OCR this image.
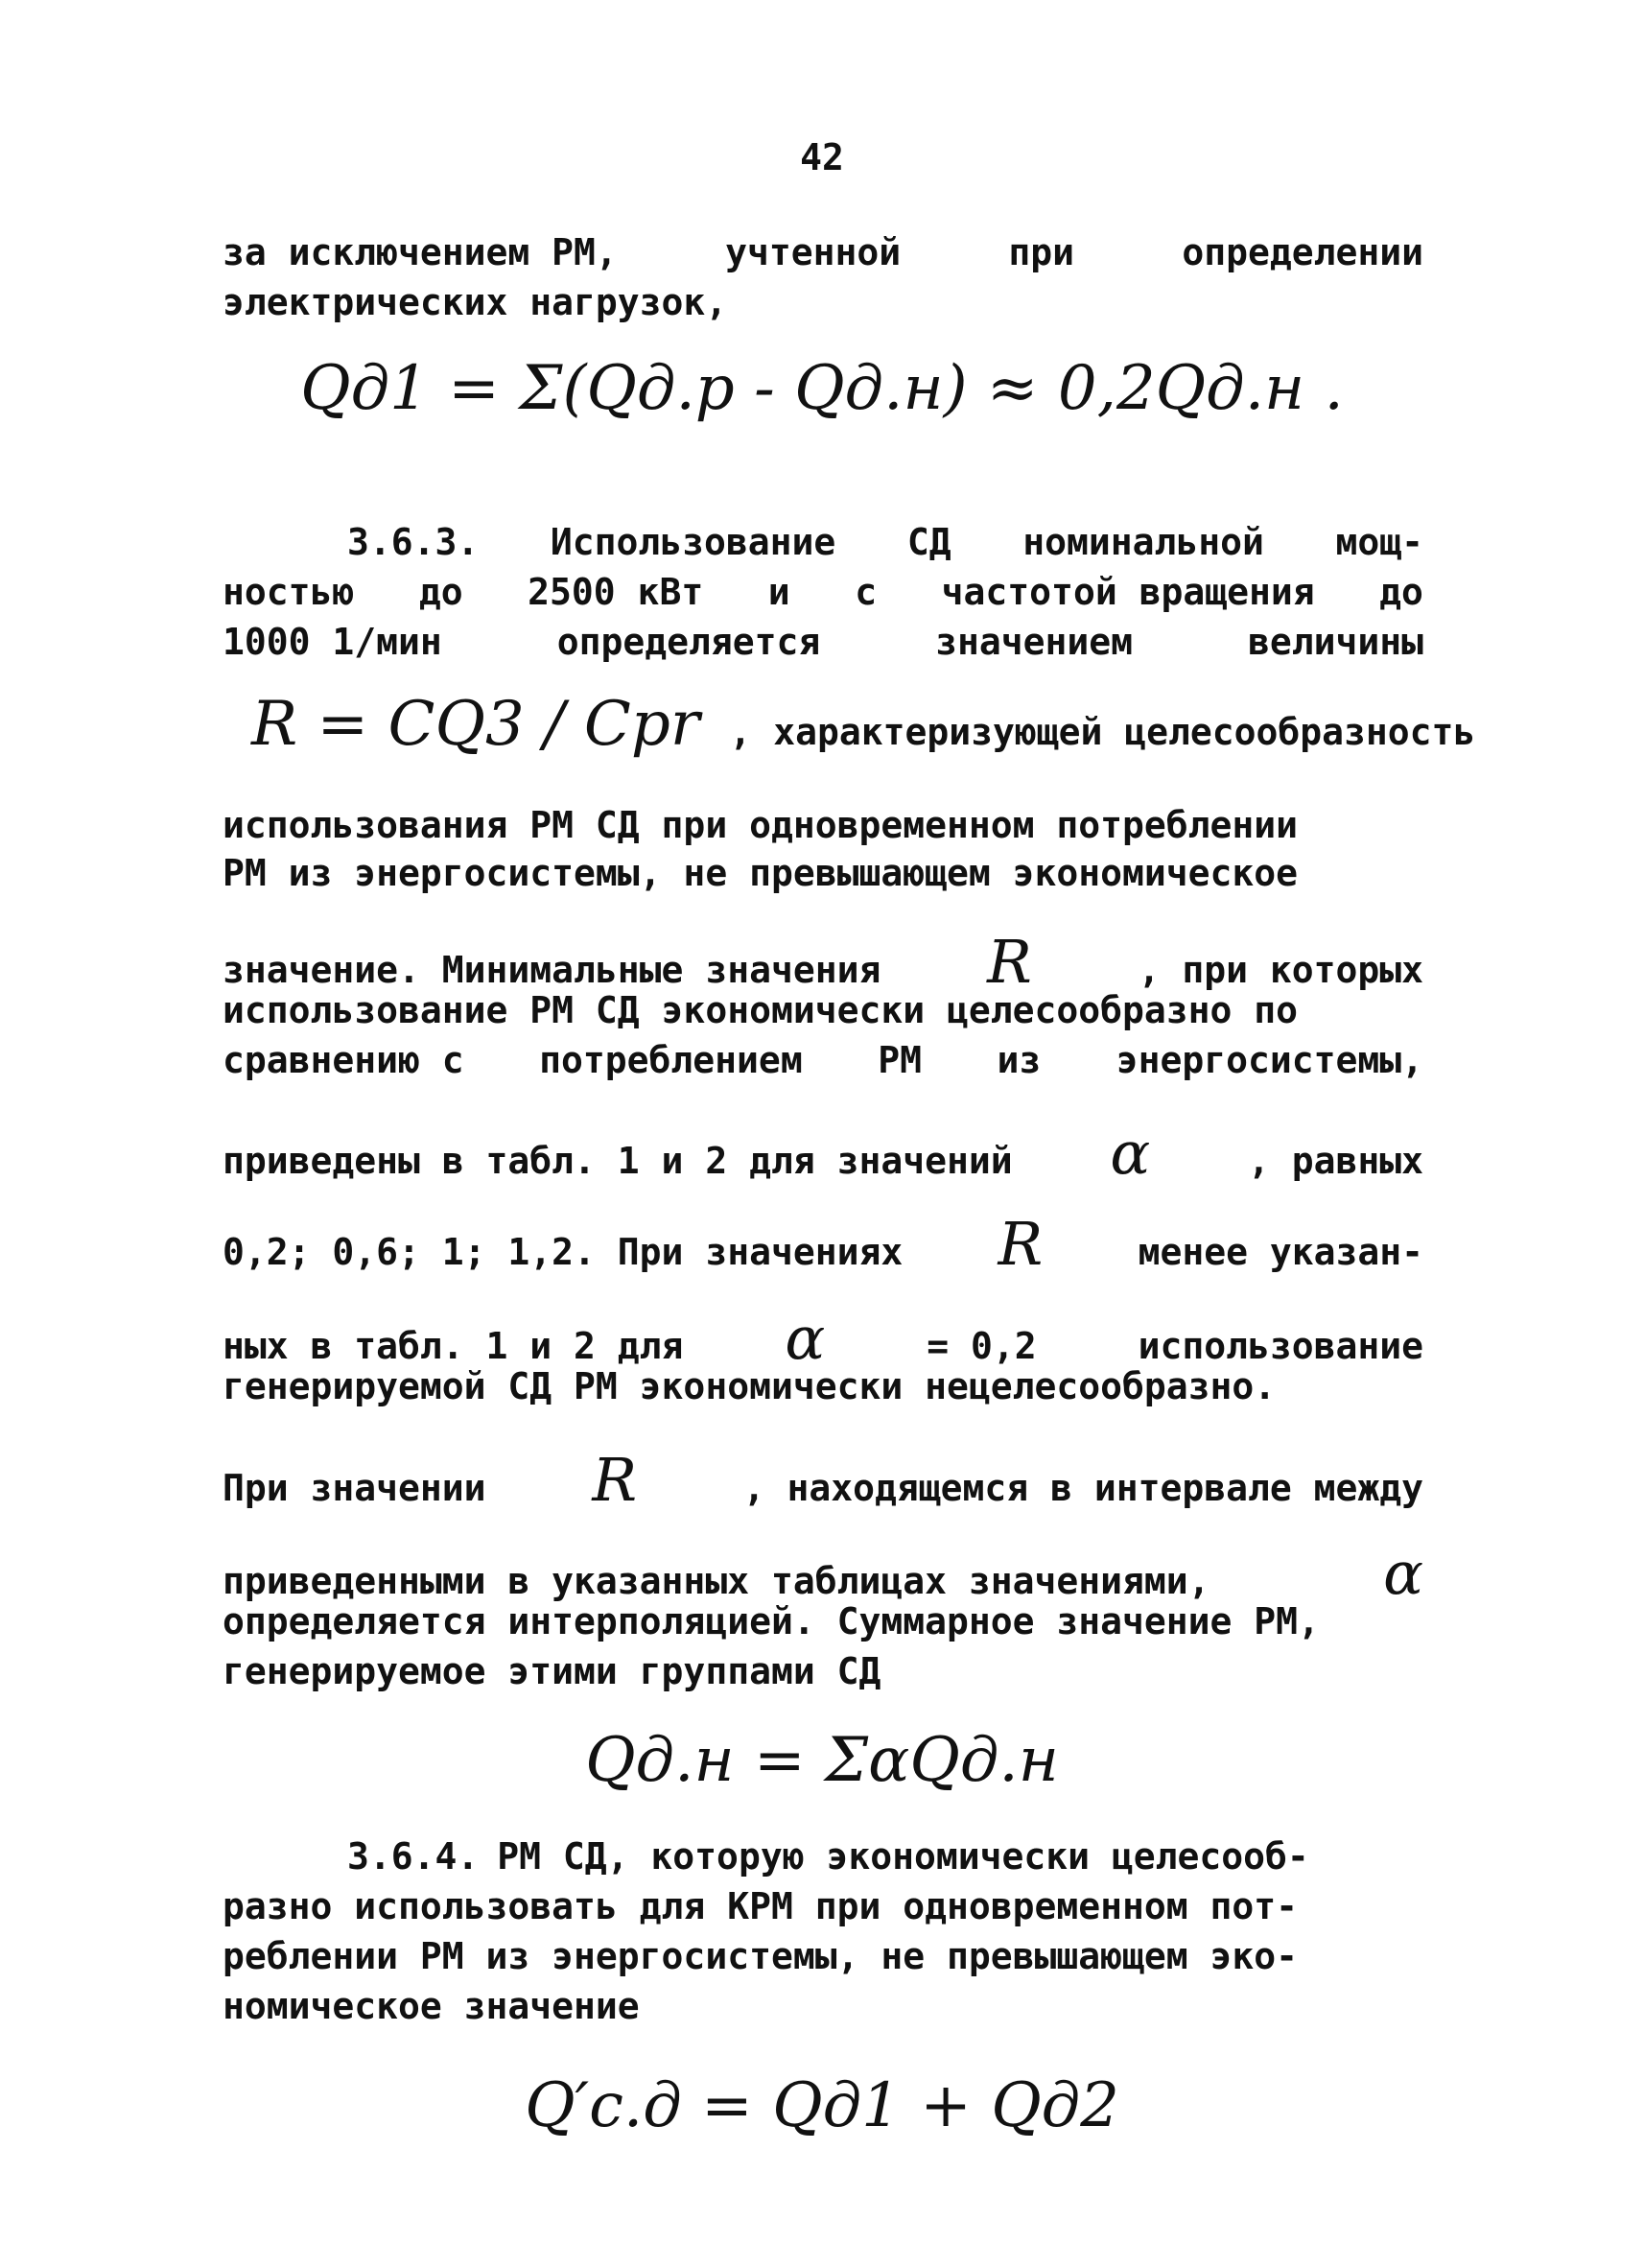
42
за исключением РМ,	учтенной	при	определении
электрических нагрузок,
Qд1 = Σ(Qд.р - Qд.н) ≈ 0,2Qд.н .
3.6.3. Использование СД номинальной мощ-
ностью до 2500 кВт и с частотой вращения до
1000 1/мин	определяется	значением	величины
R = CQ3 / Cpr , характеризующей целесообразность
использования РМ СД при одновременном потреблении
РМ из энергосистемы, не превышающем экономическое
значение. Минимальные значения R	, при которых
использование РМ СД экономически целесообразно по
сравнению с потреблением РМ из энергосистемы,
приведены в табл. 1 и 2 для значений α	, равных
0,2; 0,6; 1; 1,2. При значениях R	менее указан-
ных в табл. 1 и 2 для α	= 0,2	использование
генерируемой СД РМ экономически нецелесообразно.
При значении R	, находящемся в интервале между
приведенными в указанных таблицах значениями,	α
определяется интерполяцией. Суммарное значение РМ,
генерируемое этими группами СД
Qд.н = ΣαQд.н
3.6.4. РМ СД, которую экономически целесооб-
разно использовать для КРМ при одновременном пот-
реблении РМ из энергосистемы, не превышающем эко-
номическое значение
Q′c.д = Qд1 + Qд2
